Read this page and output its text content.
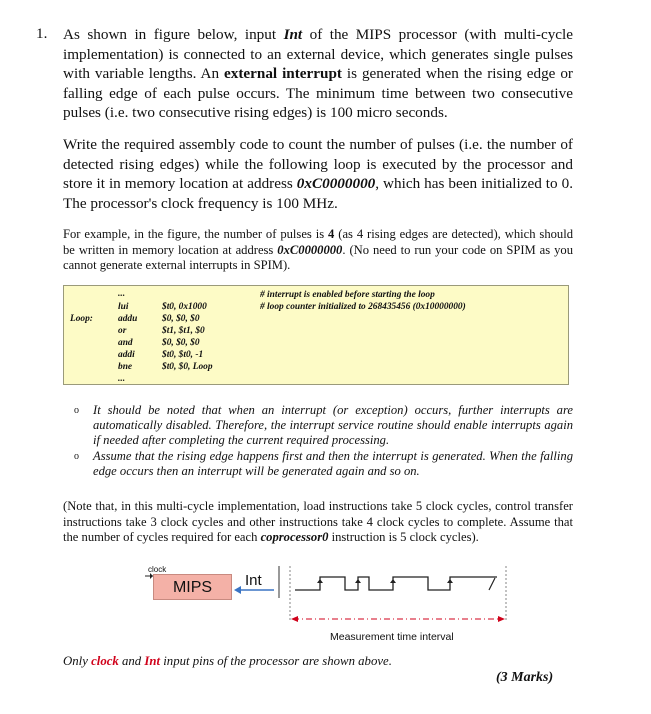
1. As shown in figure below, input Int of the MIPS processor (with multi-cycle implementation) is connected to an external device, which generates single pulses with variable lengths. An external interrupt is generated when the rising edge or falling edge of each pulse occurs. The minimum time between two consecutive pulses (i.e. two consecutive rising edges) is 100 micro seconds.
Write the required assembly code to count the number of pulses (i.e. the number of detected rising edges) while the following loop is executed by the processor and store it in memory location at address 0xC0000000, which has been initialized to 0. The processor's clock frequency is 100 MHz.
For example, in the figure, the number of pulses is 4 (as 4 rising edges are detected), which should be written in memory location at address 0xC0000000. (No need to run your code on SPIM as you cannot generate external interrupts in SPIM).
...
Loop:
lui
addu
or
and
addi
bne
$t0, 0x1000
$0, $0, $0
$t1, $t1, $0
$0, $0, $0
$t0, $t0, -1
$t0, $0, Loop
# interrupt is enabled before starting the loop
# loop counter initialized to 268435456 (0x10000000)
...
o It should be noted that when an interrupt (or exception) occurs, further interrupts are automatically disabled. Therefore, the interrupt service routine should enable interrupts again if needed after completing the current required processing.
o Assume that the rising edge happens first and then the interrupt is generated. When the falling edge occurs then an interrupt will be generated again and so on.
(Note that, in this multi-cycle implementation, load instructions take 5 clock cycles, control transfer instructions take 3 clock cycles and other instructions take 4 clock cycles to complete. Assume that the number of cycles required for each coprocessor0 instruction is 5 clock cycles).
clock
MIPS	Int
Measurement time interval
Only clock and Int input pins of the processor are shown above.
(3 Marks)
